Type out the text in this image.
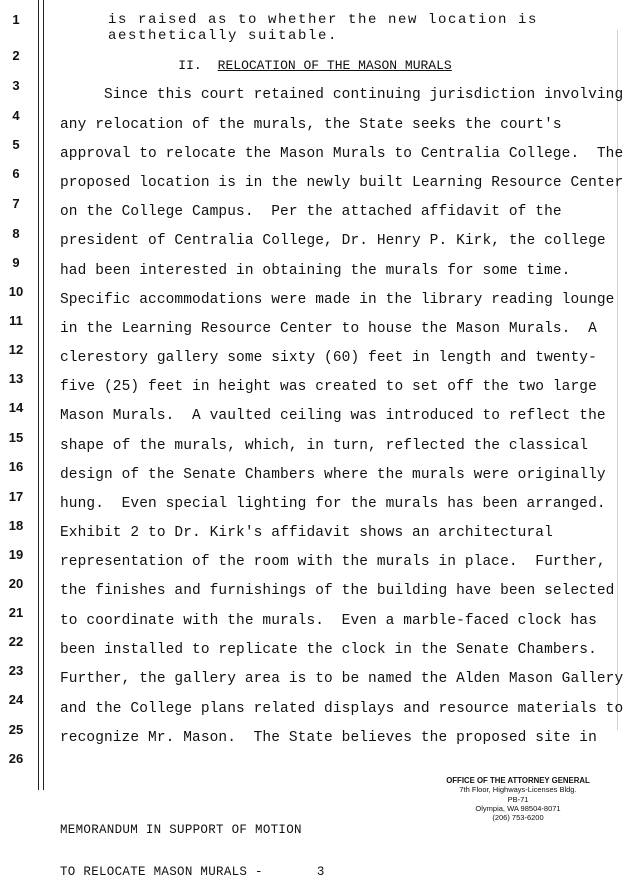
1
2
3
4
5
6
7
8
9
10
11
12
13
14
15
16
17
18
19
20
21
22
23
24
25
26
is raised as to whether the new location is
aesthetically suitable.
II. RELOCATION OF THE MASON MURALS
Since this court retained continuing jurisdiction involving
any relocation of the murals, the State seeks the court's
approval to relocate the Mason Murals to Centralia College.  The
proposed location is in the newly built Learning Resource Center
on the College Campus.  Per the attached affidavit of the
president of Centralia College, Dr. Henry P. Kirk, the college
had been interested in obtaining the murals for some time.
Specific accommodations were made in the library reading lounge
in the Learning Resource Center to house the Mason Murals.  A
clerestory gallery some sixty (60) feet in length and twenty-
five (25) feet in height was created to set off the two large
Mason Murals.  A vaulted ceiling was introduced to reflect the
shape of the murals, which, in turn, reflected the classical
design of the Senate Chambers where the murals were originally
hung.  Even special lighting for the murals has been arranged.
Exhibit 2 to Dr. Kirk's affidavit shows an architectural
representation of the room with the murals in place.  Further,
the finishes and furnishings of the building have been selected
to coordinate with the murals.  Even a marble-faced clock has
been installed to replicate the clock in the Senate Chambers.
Further, the gallery area is to be named the Alden Mason Gallery
and the College plans related displays and resource materials to
recognize Mr. Mason.  The State believes the proposed site in

MEMORANDUM IN SUPPORT OF MOTION

TO RELOCATE MASON MURALS -	3

OFFICE OF THE ATTORNEY GENERAL
7th Floor, Highways-Licenses Bldg.
PB-71
Olympia, WA 98504-8071
(206) 753-6200
